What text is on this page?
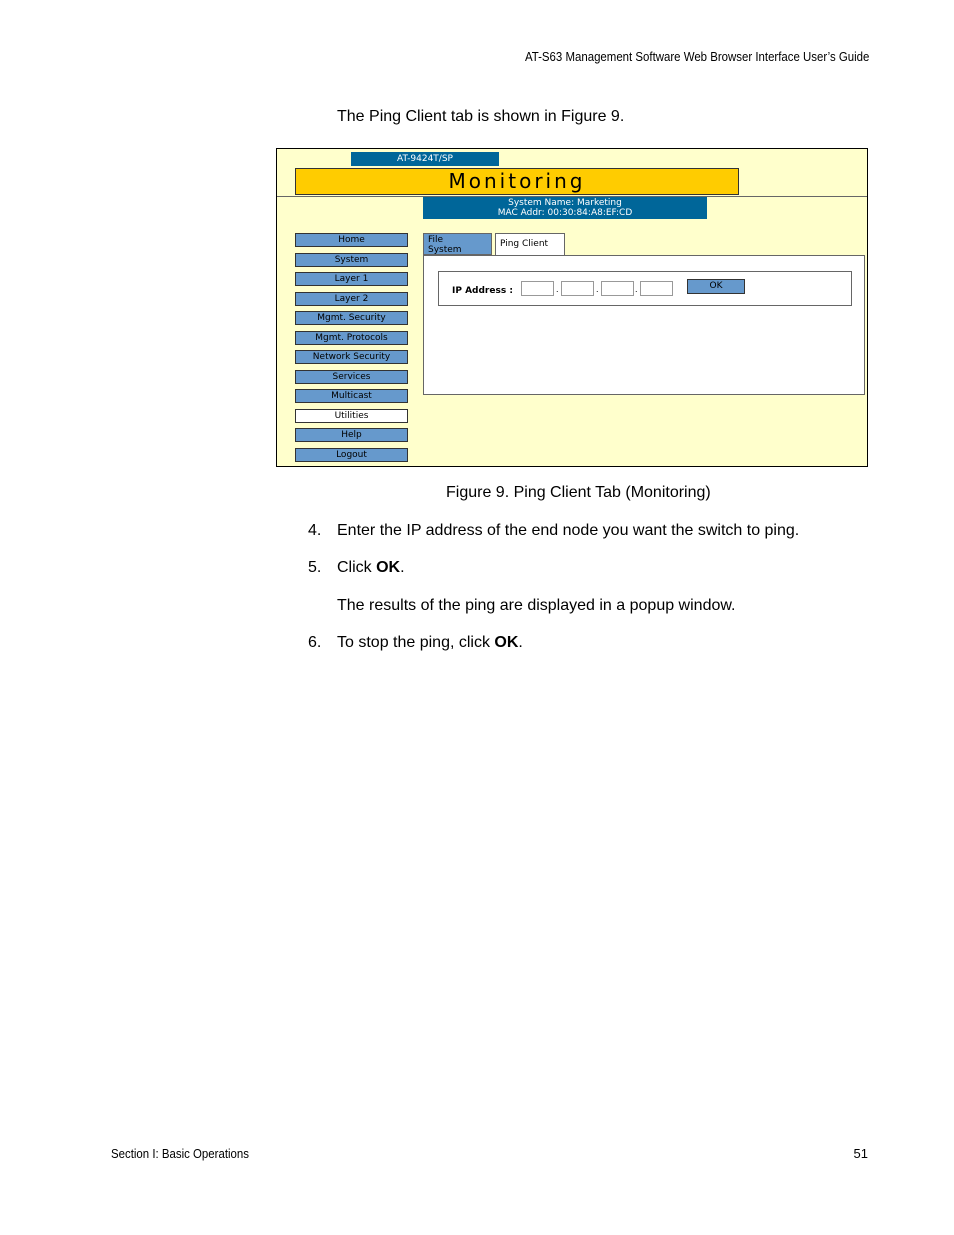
AT-S63 Management Software Web Browser Interface User’s Guide
The Ping Client tab is shown in Figure 9.
AT-9424T/SP
Monitoring
System Name: Marketing
MAC Addr: 00:30:84:A8:EF:CD
Home
System
Layer 1
Layer 2
Mgmt. Security
Mgmt. Protocols
Network Security
Services
Multicast
Utilities
Help
Logout
File
System
Ping Client
IP Address :	.	.	.	OK
Figure 9. Ping Client Tab (Monitoring)
4. Enter the IP address of the end node you want the switch to ping.
5. Click OK.
The results of the ping are displayed in a popup window.
6. To stop the ping, click OK.
Section I: Basic Operations	51
